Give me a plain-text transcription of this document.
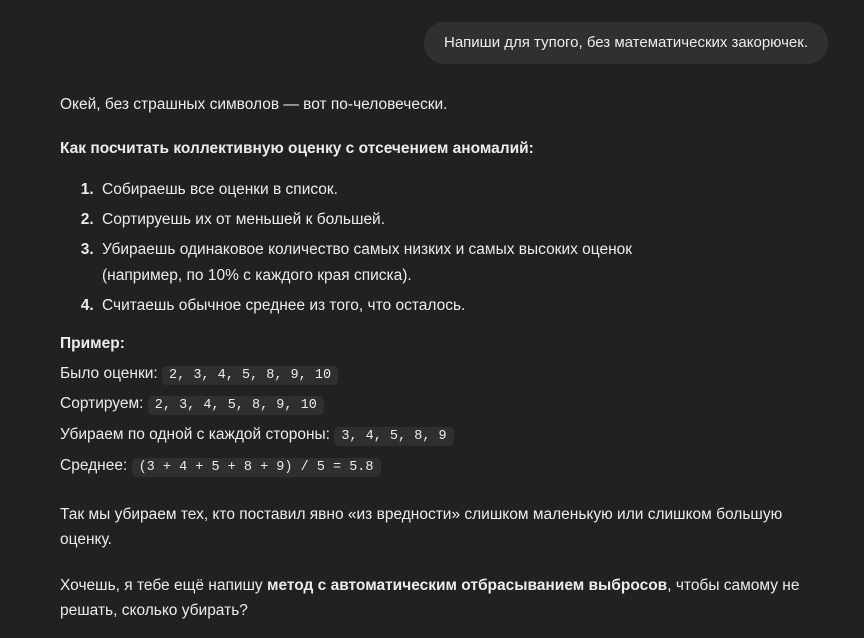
Напиши для тупого, без математических закорючек.

Окей, без страшных символов — вот по-человечески.

Как посчитать коллективную оценку с отсечением аномалий:
1. Собираешь все оценки в список.
2. Сортируешь их от меньшей к большей.
3. Убираешь одинаковое количество самых низких и самых высоких оценок
(например, по 10% с каждого края списка).
4. Считаешь обычное среднее из того, что осталось.
Пример:
Было оценки: 2, 3, 4, 5, 8, 9, 10
Сортируем: 2, 3, 4, 5, 8, 9, 10
Убираем по одной с каждой стороны: 3, 4, 5, 8, 9
Среднее: (3 + 4 + 5 + 8 + 9) / 5 = 5.8

Так мы убираем тех, кто поставил явно «из вредности» слишком маленькую или слишком большую оценку.

Хочешь, я тебе ещё напишу метод с автоматическим отбрасыванием выбросов, чтобы самому не решать, сколько убирать?
